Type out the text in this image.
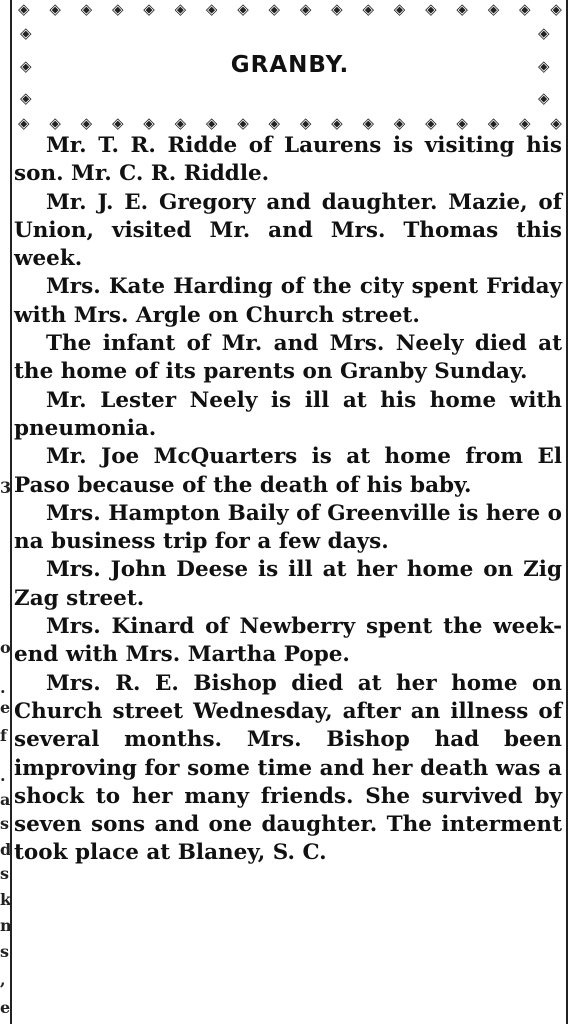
3
o
.
e
f
.
a
s
d
s
k
n
s
,
e
◈ ◈ ◈ ◈ ◈ ◈ ◈ ◈ ◈ ◈ ◈ ◈ ◈ ◈ ◈ ◈ ◈ ◈
◈
◈
◈
◈
◈
◈
GRANBY.
◈ ◈ ◈ ◈ ◈ ◈ ◈ ◈ ◈ ◈ ◈ ◈ ◈ ◈ ◈ ◈ ◈ ◈

Mr. T. R. Ridde of Laurens is visiting his son. Mr. C. R. Riddle.

Mr. J. E. Gregory and daughter. Mazie, of Union, visited Mr. and Mrs. Thomas this week.

Mrs. Kate Harding of the city spent Friday with Mrs. Argle on Church street.

The infant of Mr. and Mrs. Neely died at the home of its parents on Granby Sunday.

Mr. Lester Neely is ill at his home with pneumonia.

Mr. Joe McQuarters is at home from El Paso because of the death of his baby.

Mrs. Hampton Baily of Greenville is here o na business trip for a few days.

Mrs. John Deese is ill at her home on Zig Zag street.

Mrs. Kinard of Newberry spent the week-end with Mrs. Martha Pope.

Mrs. R. E. Bishop died at her home on Church street Wednesday, after an illness of several months. Mrs. Bishop had been improving for some time and her death was a shock to her many friends. She survived by seven sons and one daughter. The interment took place at Blaney, S. C.
